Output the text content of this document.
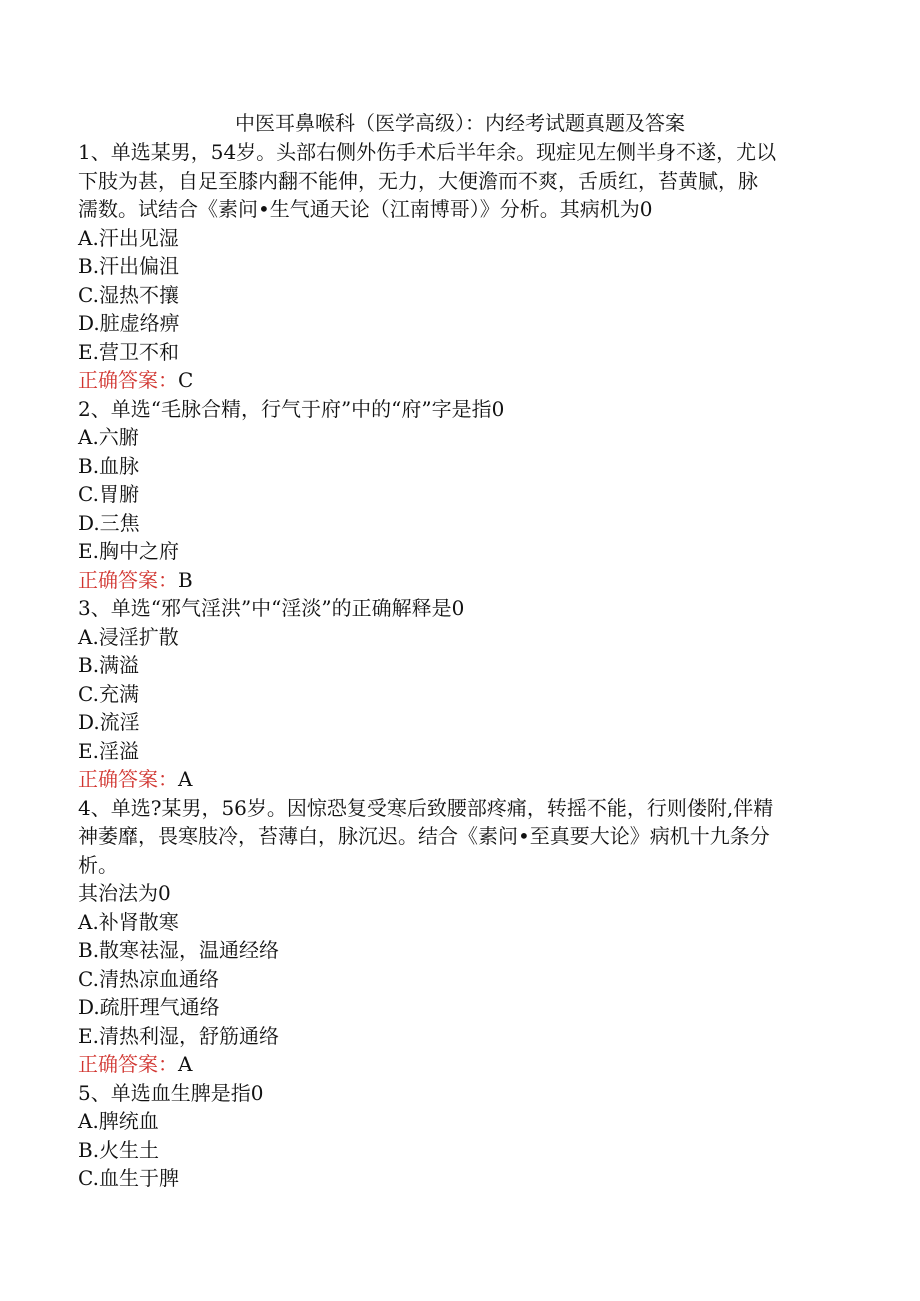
中医耳鼻喉科（医学高级）：内经考试题真题及答案
1、单选某男，54岁。头部右侧外伤手术后半年余。现症见左侧半身不遂，尤以
下肢为甚，自足至膝内翻不能伸，无力，大便澹而不爽，舌质红，苔黄腻，脉
濡数。试结合《素问•生气通天论（江南博哥）》分析。其病机为0
A.汗出见湿
B.汗出偏沮
C.湿热不攘
D.脏虚络痹
E.营卫不和
正确答案：C
2、单选“毛脉合精，行气于府”中的“府”字是指0
A.六腑
B.血脉
C.胃腑
D.三焦
E.胸中之府
正确答案：B
3、单选“邪气淫洪”中“淫淡”的正确解释是0
A.浸淫扩散
B.满溢
C.充满
D.流淫
E.淫溢
正确答案：A
4、单选?某男，56岁。因惊恐复受寒后致腰部疼痛，转摇不能，行则偻附,伴精
神萎靡，畏寒肢冷，苔薄白，脉沉迟。结合《素问•至真要大论》病机十九条分
析。
其治法为0
A.补肾散寒
B.散寒祛湿，温通经络
C.清热凉血通络
D.疏肝理气通络
E.清热利湿，舒筋通络
正确答案：A
5、单选血生脾是指0
A.脾统血
B.火生土
C.血生于脾
